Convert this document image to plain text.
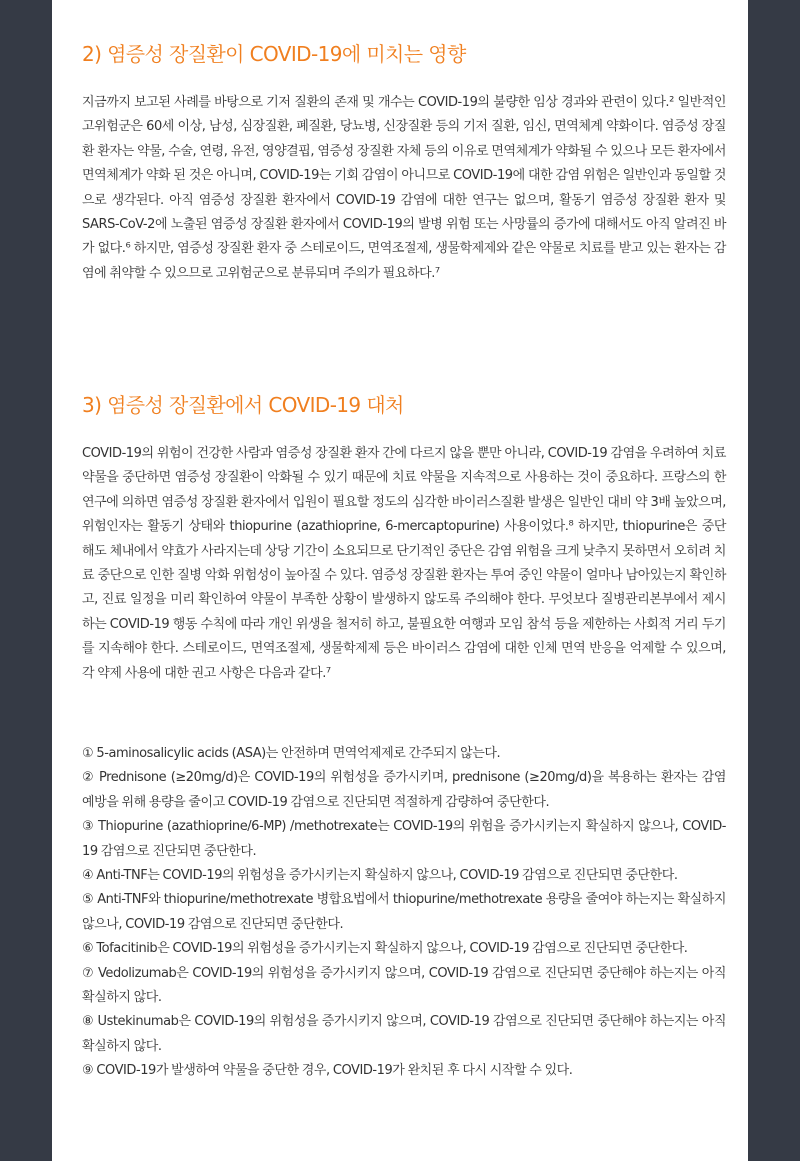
2) 염증성 장질환이 COVID-19에 미치는 영향

지금까지 보고된 사례를 바탕으로 기저 질환의 존재 및 개수는 COVID-19의 불량한 임상 경과와 관련이 있다.² 일반적인 고위험군은 60세 이상, 남성, 심장질환, 폐질환, 당뇨병, 신장질환 등의 기저 질환, 임신, 면역체계 약화이다. 염증성 장질환 환자는 약물, 수술, 연령, 유전, 영양결핍, 염증성 장질환 자체 등의 이유로 면역체계가 약화될 수 있으나 모든 환자에서 면역체계가 약화 된 것은 아니며, COVID-19는 기회 감염이 아니므로 COVID-19에 대한 감염 위험은 일반인과 동일할 것으로 생각된다. 아직 염증성 장질환 환자에서 COVID-19 감염에 대한 연구는 없으며, 활동기 염증성 장질환 환자 및 SARS-CoV-2에 노출된 염증성 장질환 환자에서 COVID-19의 발병 위험 또는 사망률의 증가에 대해서도 아직 알려진 바가 없다.⁶ 하지만, 염증성 장질환 환자 중 스테로이드, 면역조절제, 생물학제제와 같은 약물로 치료를 받고 있는 환자는 감염에 취약할 수 있으므로 고위험군으로 분류되며 주의가 필요하다.⁷

3) 염증성 장질환에서 COVID-19 대처

COVID-19의 위험이 건강한 사람과 염증성 장질환 환자 간에 다르지 않을 뿐만 아니라, COVID-19 감염을 우려하여 치료 약물을 중단하면 염증성 장질환이 악화될 수 있기 때문에 치료 약물을 지속적으로 사용하는 것이 중요하다. 프랑스의 한 연구에 의하면 염증성 장질환 환자에서 입원이 필요할 정도의 심각한 바이러스질환 발생은 일반인 대비 약 3배 높았으며, 위험인자는 활동기 상태와 thiopurine (azathioprine, 6-mercaptopurine) 사용이었다.⁸ 하지만, thiopurine은 중단 해도 체내에서 약효가 사라지는데 상당 기간이 소요되므로 단기적인 중단은 감염 위험을 크게 낮추지 못하면서 오히려 치료 중단으로 인한 질병 악화 위험성이 높아질 수 있다. 염증성 장질환 환자는 투여 중인 약물이 얼마나 남아있는지 확인하고, 진료 일정을 미리 확인하여 약물이 부족한 상황이 발생하지 않도록 주의해야 한다. 무엇보다 질병관리본부에서 제시하는 COVID-19 행동 수칙에 따라 개인 위생을 철저히 하고, 불필요한 여행과 모임 참석 등을 제한하는 사회적 거리 두기를 지속해야 한다. 스테로이드, 면역조절제, 생물학제제 등은 바이러스 감염에 대한 인체 면역 반응을 억제할 수 있으며, 각 약제 사용에 대한 권고 사항은 다음과 같다.⁷

① 5-aminosalicylic acids (ASA)는 안전하며 면역억제제로 간주되지 않는다.
② Prednisone (≥20mg/d)은 COVID-19의 위험성을 증가시키며, prednisone (≥20mg/d)을 복용하는 환자는 감염 예방을 위해 용량을 줄이고 COVID-19 감염으로 진단되면 적절하게 감량하여 중단한다.
③ Thiopurine (azathioprine/6-MP) /methotrexate는 COVID-19의 위험을 증가시키는지 확실하지 않으나, COVID-19 감염으로 진단되면 중단한다.
④ Anti-TNF는 COVID-19의 위험성을 증가시키는지 확실하지 않으나, COVID-19 감염으로 진단되면 중단한다.
⑤ Anti-TNF와 thiopurine/methotrexate 병합요법에서 thiopurine/methotrexate 용량을 줄여야 하는지는 확실하지 않으나, COVID-19 감염으로 진단되면 중단한다.
⑥ Tofacitinib은 COVID-19의 위험성을 증가시키는지 확실하지 않으나, COVID-19 감염으로 진단되면 중단한다.
⑦ Vedolizumab은 COVID-19의 위험성을 증가시키지 않으며, COVID-19 감염으로 진단되면 중단해야 하는지는 아직 확실하지 않다.
⑧ Ustekinumab은 COVID-19의 위험성을 증가시키지 않으며, COVID-19 감염으로 진단되면 중단해야 하는지는 아직 확실하지 않다.
⑨ COVID-19가 발생하여 약물을 중단한 경우, COVID-19가 완치된 후 다시 시작할 수 있다.
